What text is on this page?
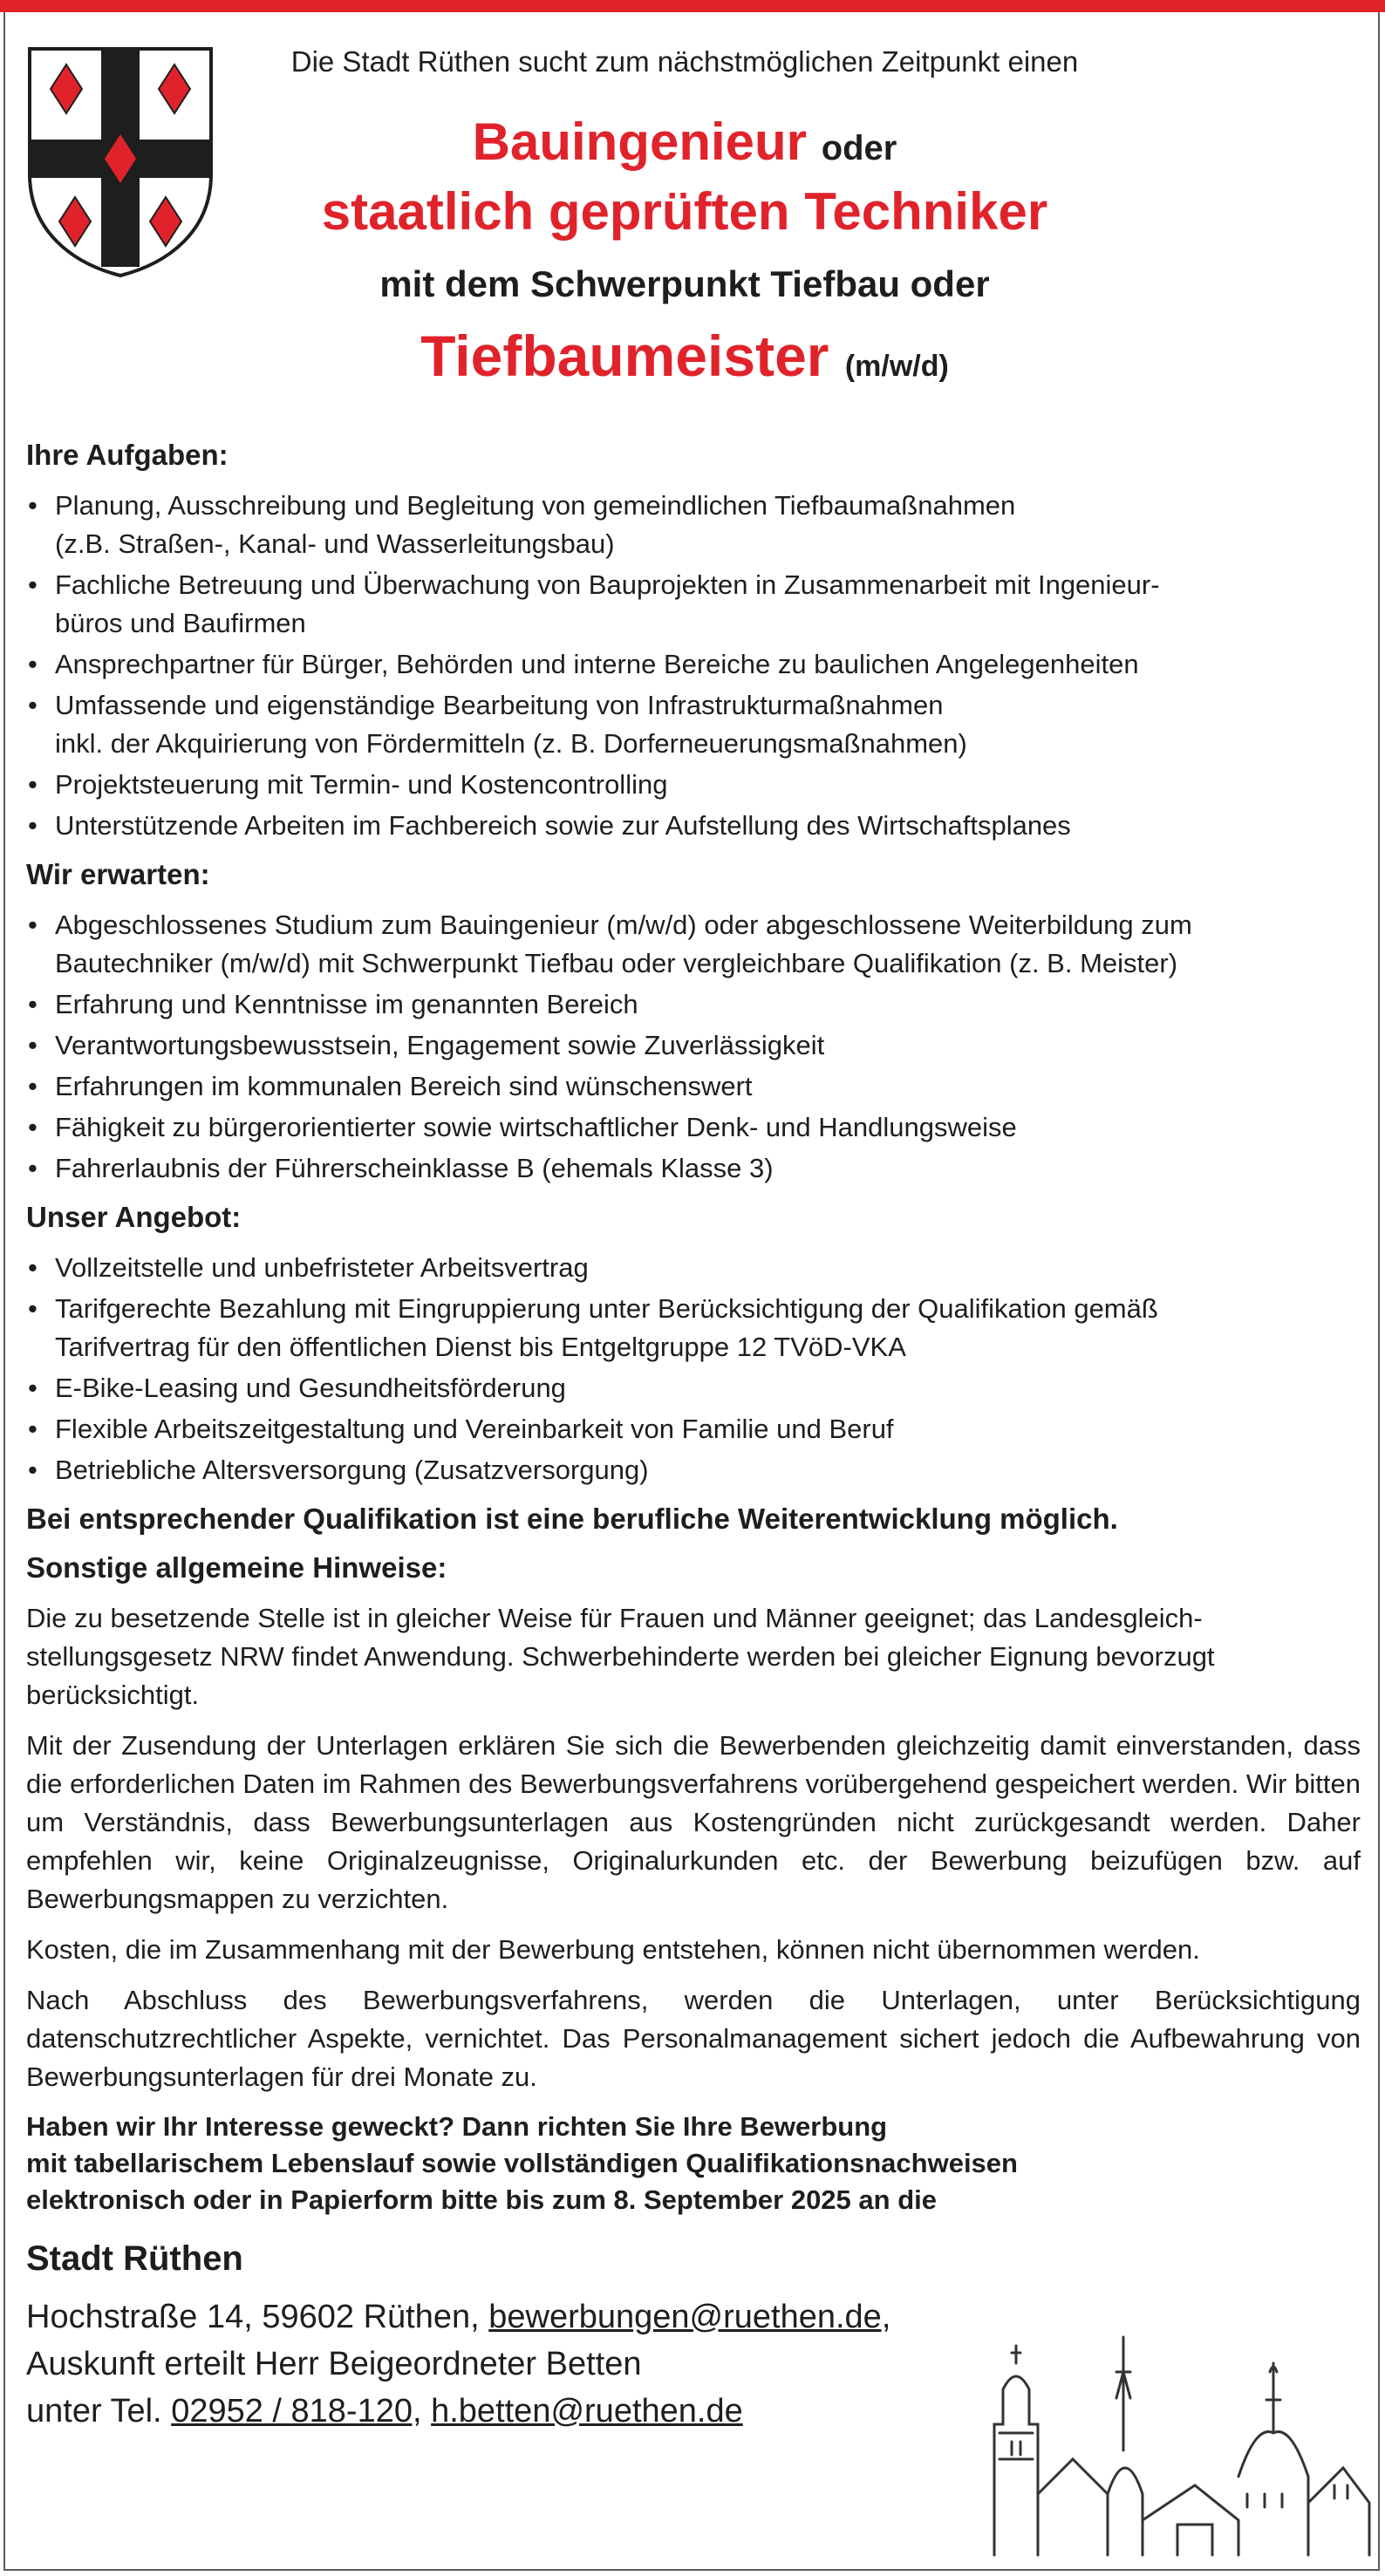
Die Stadt Rüthen sucht zum nächstmöglichen Zeitpunkt einen
Bauingenieur oder
staatlich geprüften Techniker
mit dem Schwerpunkt Tiefbau oder
Tiefbaumeister (m/w/d)
Ihre Aufgaben:
• Planung, Ausschreibung und Begleitung von gemeindlichen Tiefbaumaßnahmen
(z.B. Straßen-, Kanal- und Wasserleitungsbau)
• Fachliche Betreuung und Überwachung von Bauprojekten in Zusammenarbeit mit Ingenieur-
büros und Baufirmen
• Ansprechpartner für Bürger, Behörden und interne Bereiche zu baulichen Angelegenheiten
• Umfassende und eigenständige Bearbeitung von Infrastrukturmaßnahmen
inkl. der Akquirierung von Fördermitteln (z. B. Dorferneuerungsmaßnahmen)
• Projektsteuerung mit Termin- und Kostencontrolling
• Unterstützende Arbeiten im Fachbereich sowie zur Aufstellung des Wirtschaftsplanes
Wir erwarten:
• Abgeschlossenes Studium zum Bauingenieur (m/w/d) oder abgeschlossene Weiterbildung zum
Bautechniker (m/w/d) mit Schwerpunkt Tiefbau oder vergleichbare Qualifikation (z. B. Meister)
• Erfahrung und Kenntnisse im genannten Bereich
• Verantwortungsbewusstsein, Engagement sowie Zuverlässigkeit
• Erfahrungen im kommunalen Bereich sind wünschenswert
• Fähigkeit zu bürgerorientierter sowie wirtschaftlicher Denk- und Handlungsweise
• Fahrerlaubnis der Führerscheinklasse B (ehemals Klasse 3)
Unser Angebot:
• Vollzeitstelle und unbefristeter Arbeitsvertrag
• Tarifgerechte Bezahlung mit Eingruppierung unter Berücksichtigung der Qualifikation gemäß
Tarifvertrag für den öffentlichen Dienst bis Entgeltgruppe 12 TVöD-VKA
• E-Bike-Leasing und Gesundheitsförderung
• Flexible Arbeitszeitgestaltung und Vereinbarkeit von Familie und Beruf
• Betriebliche Altersversorgung (Zusatzversorgung)
Bei entsprechender Qualifikation ist eine berufliche Weiterentwicklung möglich.
Sonstige allgemeine Hinweise:
Die zu besetzende Stelle ist in gleicher Weise für Frauen und Männer geeignet; das Landesgleich-stellungsgesetz NRW findet Anwendung. Schwerbehinderte werden bei gleicher Eignung bevorzugt berücksichtigt.
Mit der Zusendung der Unterlagen erklären Sie sich die Bewerbenden gleichzeitig damit einverstanden, dass die erforderlichen Daten im Rahmen des Bewerbungsverfahrens vorübergehend gespeichert werden. Wir bitten um Verständnis, dass Bewerbungsunterlagen aus Kostengründen nicht zurückgesandt werden. Daher empfehlen wir, keine Originalzeugnisse, Originalurkunden etc. der Bewerbung beizufügen bzw. auf Bewerbungsmappen zu verzichten.
Kosten, die im Zusammenhang mit der Bewerbung entstehen, können nicht übernommen werden.
Nach Abschluss des Bewerbungsverfahrens, werden die Unterlagen, unter Berücksichtigung datenschutzrechtlicher Aspekte, vernichtet. Das Personalmanagement sichert jedoch die Aufbewahrung von Bewerbungsunterlagen für drei Monate zu.
Haben wir Ihr Interesse geweckt? Dann richten Sie Ihre Bewerbung
mit tabellarischem Lebenslauf sowie vollständigen Qualifikationsnachweisen
elektronisch oder in Papierform bitte bis zum 8. September 2025 an die
Stadt Rüthen
Hochstraße 14, 59602 Rüthen, bewerbungen@ruethen.de,
Auskunft erteilt Herr Beigeordneter Betten
unter Tel. 02952 / 818-120, h.betten@ruethen.de
